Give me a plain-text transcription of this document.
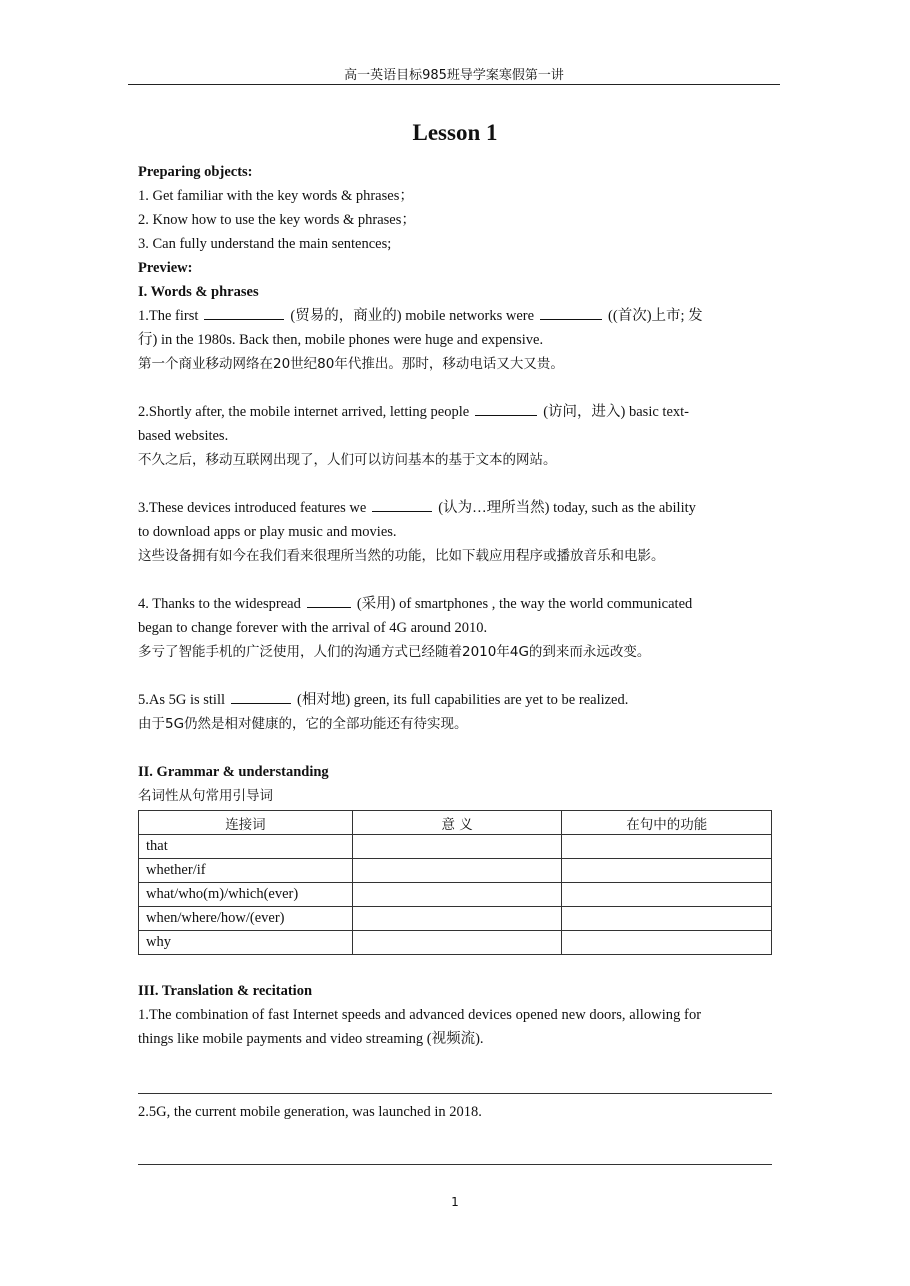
高一英语目标985班导学案寒假第一讲
Lesson 1

Preparing objects:

1. Get familiar with the key words & phrases；

2. Know how to use the key words & phrases；

3. Can fully understand the main sentences;

Preview:

I. Words & phrases

1.The first	(贸易的，商业的) mobile networks were	((首次)上市; 发

行) in the 1980s. Back then, mobile phones were huge and expensive.

第一个商业移动网络在20世纪80年代推出。那时，移动电话又大又贵。

2.Shortly after, the mobile internet arrived, letting people	(访问，进入) basic text-

based websites.

不久之后，移动互联网出现了，人们可以访问基本的基于文本的网站。

3.These devices introduced features we	(认为…理所当然) today, such as the ability

to download apps or play music and movies.

这些设备拥有如今在我们看来很理所当然的功能，比如下载应用程序或播放音乐和电影。

4. Thanks to the widespread	(采用) of smartphones , the way the world communicated

began to change forever with the arrival of 4G around 2010.

多亏了智能手机的广泛使用，人们的沟通方式已经随着2010年4G的到来而永远改变。

5.As 5G is still	(相对地) green, its full capabilities are yet to be realized.

由于5G仍然是相对健康的，它的全部功能还有待实现。

II. Grammar & understanding

名词性从句常用引导词

连接词	意 义	在句中的功能
that		
whether/if		
what/who(m)/which(ever)		
when/where/how/(ever)		
why		

III. Translation & recitation

1.The combination of fast Internet speeds and advanced devices opened new doors, allowing for

things like mobile payments and video streaming (视频流).

2.5G, the current mobile generation, was launched in 2018.

1
